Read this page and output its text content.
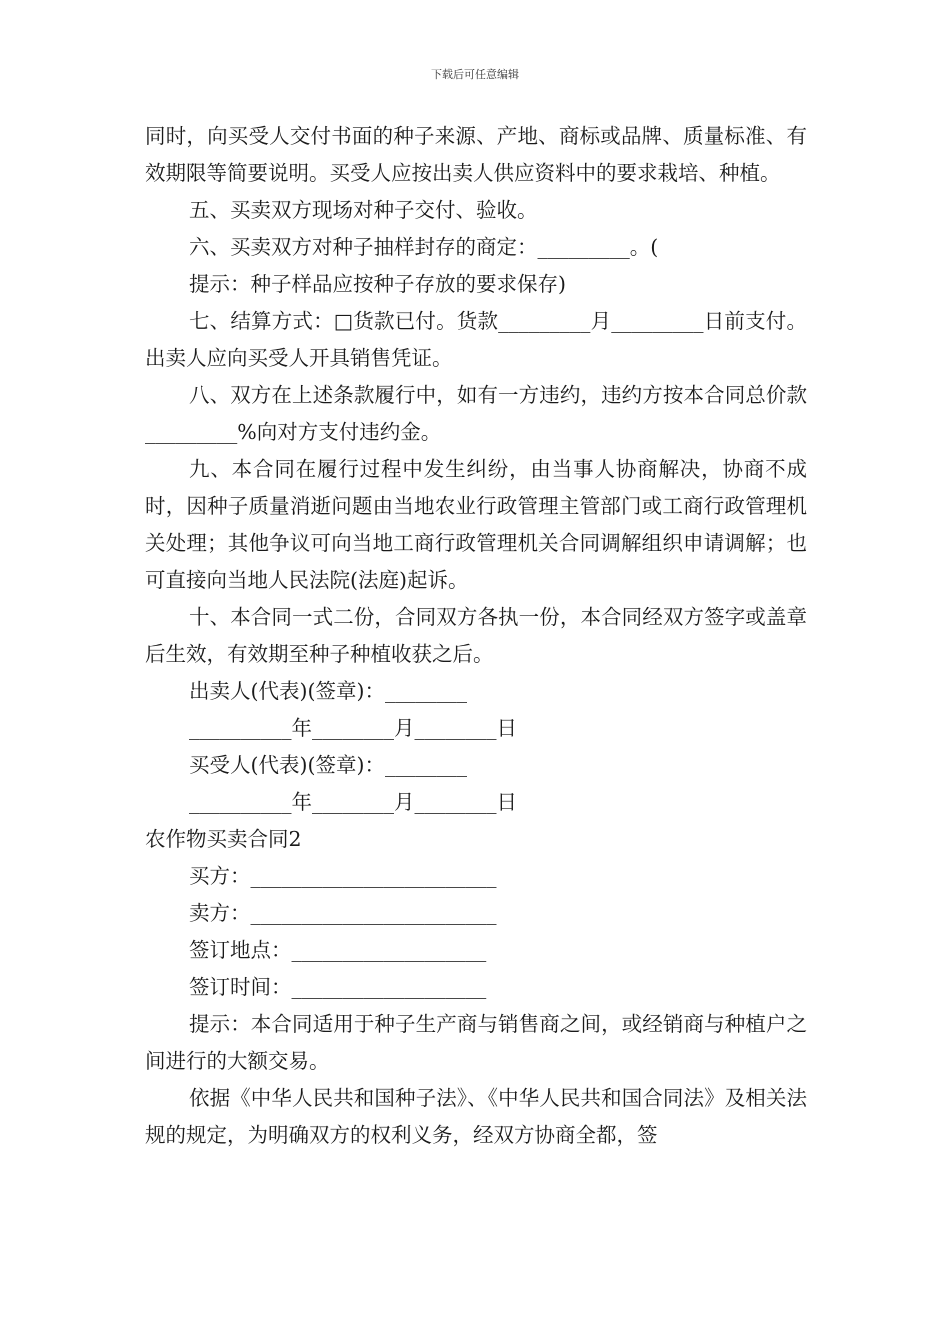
下载后可任意编辑

同时，向买受人交付书面的种子来源、产地、商标或品牌、质量标准、有效期限等简要说明。买受人应按出卖人供应资料中的要求栽培、种植。

五、买卖双方现场对种子交付、验收。

六、买卖双方对种子抽样封存的商定：_________。(

提示：种子样品应按种子存放的要求保存)

七、结算方式：□货款已付。货款_________月_________日前支付。出卖人应向买受人开具销售凭证。

八、双方在上述条款履行中，如有一方违约，违约方按本合同总价款_________%向对方支付违约金。

九、本合同在履行过程中发生纠纷，由当事人协商解决，协商不成时，因种子质量消逝问题由当地农业行政管理主管部门或工商行政管理机关处理；其他争议可向当地工商行政管理机关合同调解组织申请调解；也可直接向当地人民法院(法庭)起诉。

十、本合同一式二份，合同双方各执一份，本合同经双方签字或盖章后生效，有效期至种子种植收获之后。

出卖人(代表)(签章)：________

__________年________月________日

买受人(代表)(签章)：________

__________年________月________日

农作物买卖合同2

买方：________________________

卖方：________________________

签订地点：___________________

签订时间：___________________

提示：本合同适用于种子生产商与销售商之间，或经销商与种植户之间进行的大额交易。

依据《中华人民共和国种子法》、《中华人民共和国合同法》及相关法规的规定，为明确双方的权利义务，经双方协商全都，签
